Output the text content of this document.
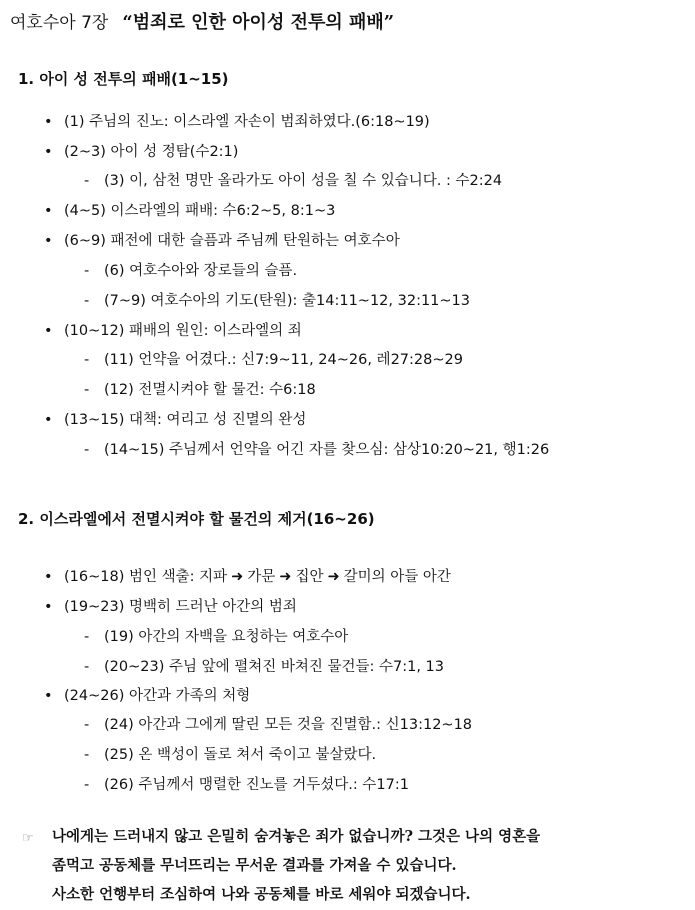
여호수아 7장 “범죄로 인한 아이성 전투의 패배”
1. 아이 성 전투의 패배(1~15)
• (1) 주님의 진노: 이스라엘 자손이 범죄하였다.(6:18~19)
• (2~3) 아이 성 정탐(수2:1)
- (3) 이, 삼천 명만 올라가도 아이 성을 칠 수 있습니다. : 수2:24
• (4~5) 이스라엘의 패배: 수6:2~5, 8:1~3
• (6~9) 패전에 대한 슬픔과 주님께 탄원하는 여호수아
- (6) 여호수아와 장로들의 슬픔.
- (7~9) 여호수아의 기도(탄원): 출14:11~12, 32:11~13
• (10~12) 패배의 원인: 이스라엘의 죄
- (11) 언약을 어겼다.: 신7:9~11, 24~26, 레27:28~29
- (12) 전멸시켜야 할 물건: 수6:18
• (13~15) 대책: 여리고 성 진멸의 완성
- (14~15) 주님께서 언약을 어긴 자를 찾으심: 삼상10:20~21, 행1:26
2. 이스라엘에서 전멸시켜야 할 물건의 제거(16~26)
• (16~18) 범인 색출: 지파 ➜ 가문 ➜ 집안 ➜ 갈미의 아들 아간
• (19~23) 명백히 드러난 아간의 범죄
- (19) 아간의 자백을 요청하는 여호수아
- (20~23) 주님 앞에 펼쳐진 바쳐진 물건들: 수7:1, 13
• (24~26) 아간과 가족의 처형
- (24) 아간과 그에게 딸린 모든 것을 진멸함.: 신13:12~18
- (25) 온 백성이 돌로 쳐서 죽이고 불살랐다.
- (26) 주님께서 맹렬한 진노를 거두셨다.: 수17:1
☞	나에게는 드러내지 않고 은밀히 숨겨놓은 죄가 없습니까? 그것은 나의 영혼을
좀먹고 공동체를 무너뜨리는 무서운 결과를 가져올 수 있습니다.
사소한 언행부터 조심하여 나와 공동체를 바로 세워야 되겠습니다.
